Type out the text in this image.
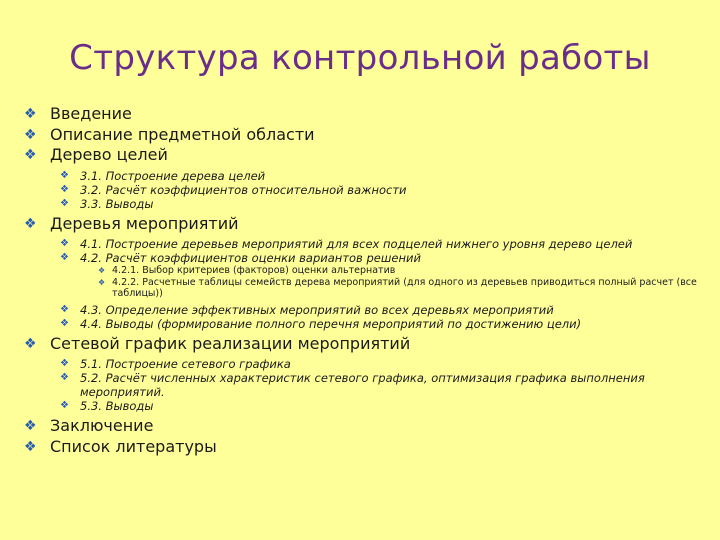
Структура контрольной работы
❖ Введение
❖ Описание предметной области
❖ Дерево целей
❖ 3.1. Построение дерева целей
❖ 3.2. Расчёт коэффициентов относительной важности
❖ 3.3. Выводы
❖ Деревья мероприятий
❖ 4.1. Построение деревьев мероприятий для всех подцелей нижнего уровня дерево целей
❖ 4.2. Расчёт коэффициентов оценки вариантов решений
❖ 4.2.1. Выбор критериев (факторов) оценки альтернатив
❖ 4.2.2. Расчетные таблицы семейств дерева мероприятий (для одного из деревьев приводиться полный расчет (все таблицы))
❖ 4.3. Определение эффективных мероприятий во всех деревьях мероприятий
❖ 4.4. Выводы (формирование полного перечня мероприятий по достижению цели)
❖ Сетевой график реализации мероприятий
❖ 5.1. Построение сетевого графика
❖ 5.2. Расчёт численных характеристик сетевого графика, оптимизация графика выполнения мероприятий.
❖ 5.3. Выводы
❖ Заключение
❖ Список литературы
